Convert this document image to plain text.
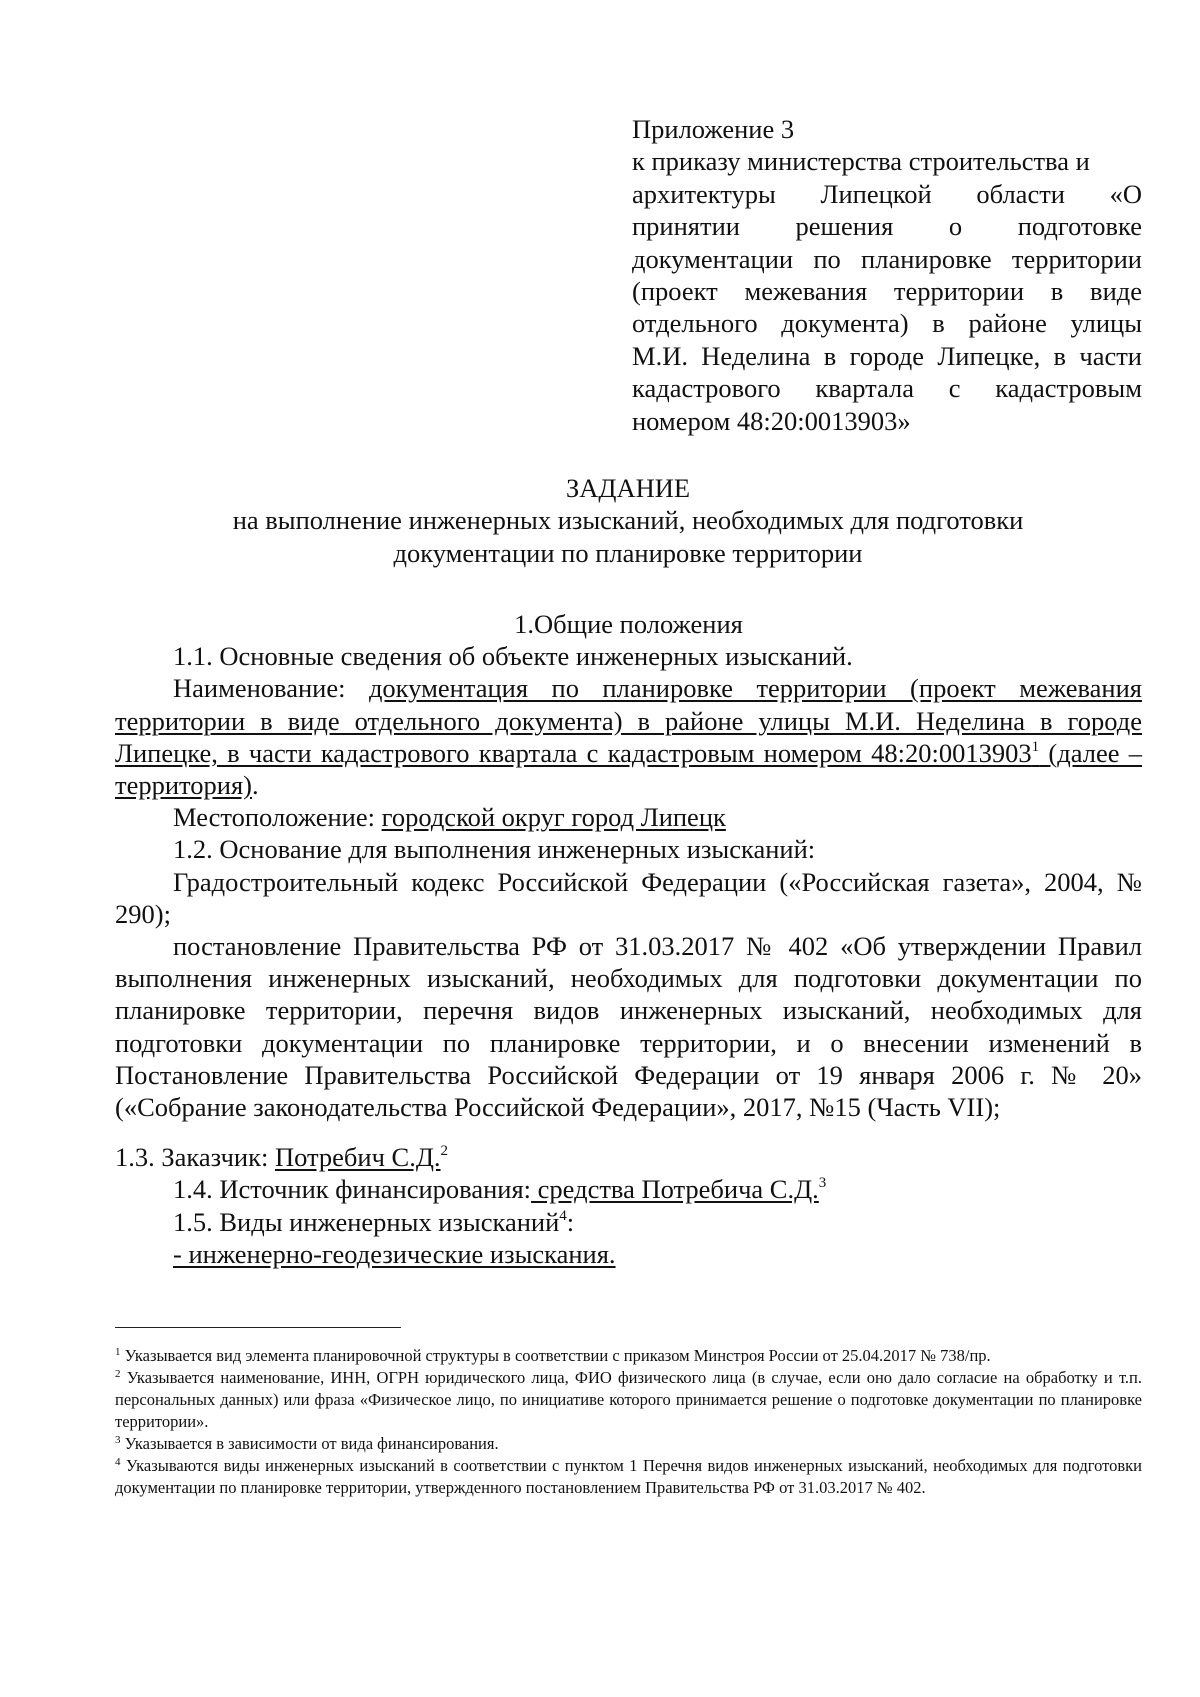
Приложение 3
к приказу министерства строительства и
архитектуры Липецкой области «О
принятии решения о подготовке
документации по планировке территории
(проект межевания территории в виде
отдельного документа) в районе улицы
М.И. Неделина в городе Липецке, в части
кадастрового квартала с кадастровым
номером 48:20:0013903»
ЗАДАНИЕ
на выполнение инженерных изысканий, необходимых для подготовки
документации по планировке территории
1.Общие положения
1.1. Основные сведения об объекте инженерных изысканий.
Наименование: документация по планировке территории (проект межевания территории в виде отдельного документа) в районе улицы М.И. Неделина в городе Липецке, в части кадастрового квартала с кадастровым номером 48:20:0013903$^1$ (далее – территория).
Местоположение: городской округ город Липецк
1.2. Основание для выполнения инженерных изысканий:
Градостроительный кодекс Российской Федерации («Российская газета», 2004, № 290);
постановление Правительства РФ от 31.03.2017 № 402 «Об утверждении Правил выполнения инженерных изысканий, необходимых для подготовки документации по планировке территории, перечня видов инженерных изысканий, необходимых для подготовки документации по планировке территории, и о внесении изменений в Постановление Правительства Российской Федерации от 19 января 2006 г. № 20» («Собрание законодательства Российской Федерации», 2017, №15 (Часть VII);
1.3. Заказчик: Потребич С.Д.$^2$
1.4. Источник финансирования: средства Потребича С.Д.$^3$
1.5. Виды инженерных изысканий$^4$:
- инженерно-геодезические изыскания.
$^1$ Указывается вид элемента планировочной структуры в соответствии с приказом Минстроя России от 25.04.2017 № 738/пр.
$^2$ Указывается наименование, ИНН, ОГРН юридического лица, ФИО физического лица (в случае, если оно дало согласие на обработку и т.п. персональных данных) или фраза «Физическое лицо, по инициативе которого принимается решение о подготовке документации по планировке территории».
$^3$ Указывается в зависимости от вида финансирования.
$^4$ Указываются виды инженерных изысканий в соответствии с пунктом 1 Перечня видов инженерных изысканий, необходимых для подготовки документации по планировке территории, утвержденного постановлением Правительства РФ от 31.03.2017 № 402.
